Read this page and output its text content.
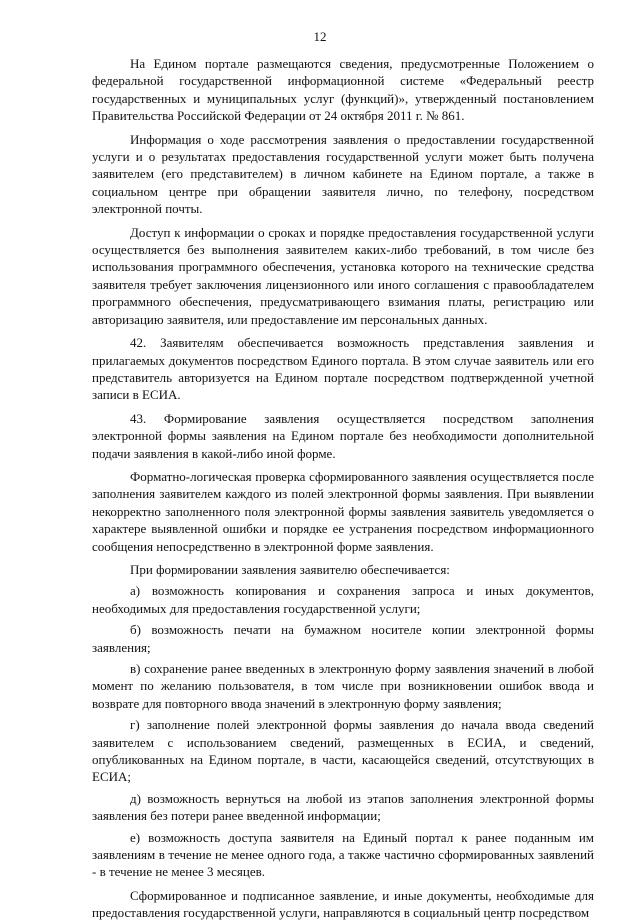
12

На Едином портале размещаются сведения, предусмотренные Положением о федеральной государственной информационной системе «Федеральный реестр государственных и муниципальных услуг (функций)», утвержденный постановлением Правительства Российской Федерации от 24 октября 2011 г. № 861.

Информация о ходе рассмотрения заявления о предоставлении государственной услуги и о результатах предоставления государственной услуги может быть получена заявителем (его представителем) в личном кабинете на Едином портале, а также в социальном центре при обращении заявителя лично, по телефону, посредством электронной почты.

Доступ к информации о сроках и порядке предоставления государственной услуги осуществляется без выполнения заявителем каких-либо требований, в том числе без использования программного обеспечения, установка которого на технические средства заявителя требует заключения лицензионного или иного соглашения с правообладателем программного обеспечения, предусматривающего взимания платы, регистрацию или авторизацию заявителя, или предоставление им персональных данных.

42. Заявителям обеспечивается возможность представления заявления и прилагаемых документов посредством Единого портала. В этом случае заявитель или его представитель авторизуется на Едином портале посредством подтвержденной учетной записи в ЕСИА.

43. Формирование заявления осуществляется посредством заполнения электронной формы заявления на Едином портале без необходимости дополнительной подачи заявления в какой-либо иной форме.

Форматно-логическая проверка сформированного заявления осуществляется после заполнения заявителем каждого из полей электронной формы заявления. При выявлении некорректно заполненного поля электронной формы заявления заявитель уведомляется о характере выявленной ошибки и порядке ее устранения посредством информационного сообщения непосредственно в электронной форме заявления.

При формировании заявления заявителю обеспечивается:

а) возможность копирования и сохранения запроса и иных документов, необходимых для предоставления государственной услуги;

б) возможность печати на бумажном носителе копии электронной формы заявления;

в) сохранение ранее введенных в электронную форму заявления значений в любой момент по желанию пользователя, в том числе при возникновении ошибок ввода и возврате для повторного ввода значений в электронную форму заявления;

г) заполнение полей электронной формы заявления до начала ввода сведений заявителем с использованием сведений, размещенных в ЕСИА, и сведений, опубликованных на Едином портале, в части, касающейся сведений, отсутствующих в ЕСИА;

д) возможность вернуться на любой из этапов заполнения электронной формы заявления без потери ранее введенной информации;

е) возможность доступа заявителя на Единый портал к ранее поданным им заявлениям в течение не менее одного года, а также частично сформированных заявлений - в течение не менее 3 месяцев.

Сформированное и подписанное заявление, и иные документы, необходимые для предоставления государственной услуги, направляются в социальный центр посредством
